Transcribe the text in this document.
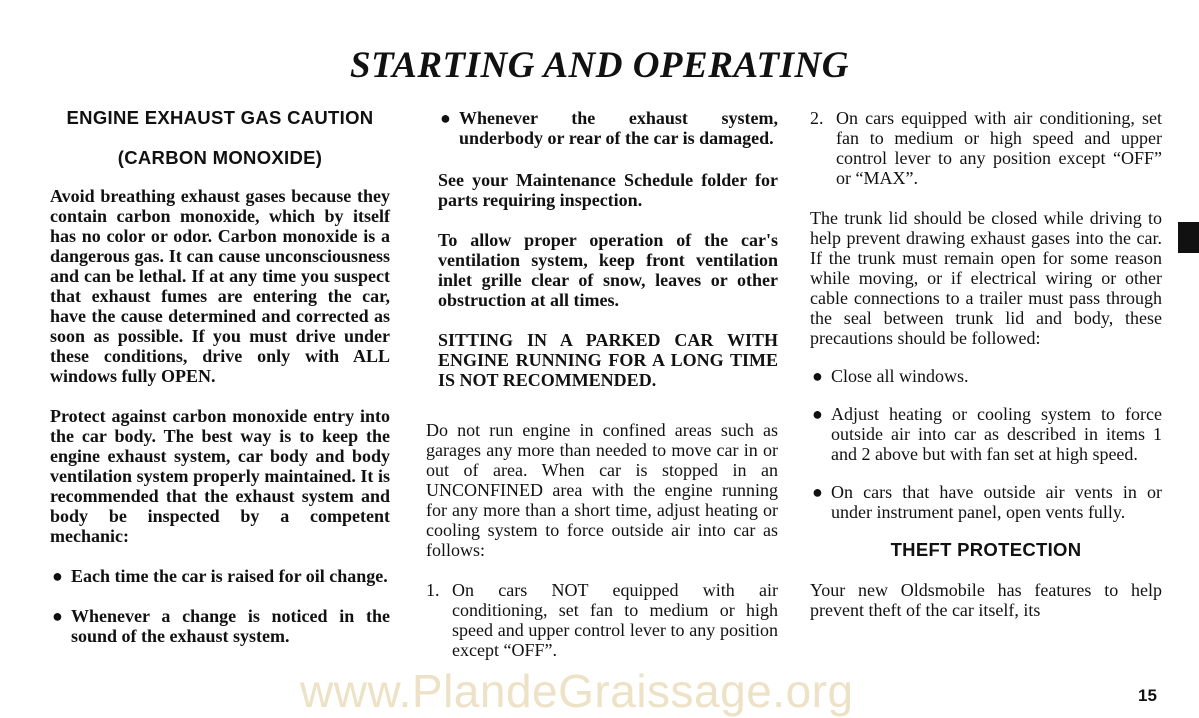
STARTING AND OPERATING
ENGINE EXHAUST GAS CAUTION
(CARBON MONOXIDE)

Avoid breathing exhaust gases because they contain carbon monoxide, which by itself has no color or odor. Carbon monoxide is a dangerous gas. It can cause unconsciousness and can be lethal. If at any time you suspect that exhaust fumes are entering the car, have the cause determined and corrected as soon as possible. If you must drive under these conditions, drive only with ALL windows fully OPEN.

Protect against carbon monoxide entry into the car body. The best way is to keep the engine exhaust system, car body and body ventilation system properly maintained. It is recommended that the exhaust system and body be inspected by a competent mechanic:

● Each time the car is raised for oil change.
● Whenever a change is noticed in the sound of the exhaust system.
● Whenever the exhaust system, underbody or rear of the car is damaged.

See your Maintenance Schedule folder for parts requiring inspection.

To allow proper operation of the car's ventilation system, keep front ventilation inlet grille clear of snow, leaves or other obstruction at all times.

SITTING IN A PARKED CAR WITH ENGINE RUNNING FOR A LONG TIME IS NOT RECOMMENDED.

Do not run engine in confined areas such as garages any more than needed to move car in or out of area. When car is stopped in an UNCONFINED area with the engine running for any more than a short time, adjust heating or cooling system to force outside air into car as follows:

1. On cars NOT equipped with air conditioning, set fan to medium or high speed and upper control lever to any position except “OFF”.
2. On cars equipped with air conditioning, set fan to medium or high speed and upper control lever to any position except “OFF” or “MAX”.

The trunk lid should be closed while driving to help prevent drawing exhaust gases into the car. If the trunk must remain open for some reason while moving, or if electrical wiring or other cable connections to a trailer must pass through the seal between trunk lid and body, these precautions should be followed:

● Close all windows.
● Adjust heating or cooling system to force outside air into car as described in items 1 and 2 above but with fan set at high speed.
● On cars that have outside air vents in or under instrument panel, open vents fully.
THEFT PROTECTION

Your new Oldsmobile has features to help prevent theft of the car itself, its

www.PlandeGraissage.org	15
